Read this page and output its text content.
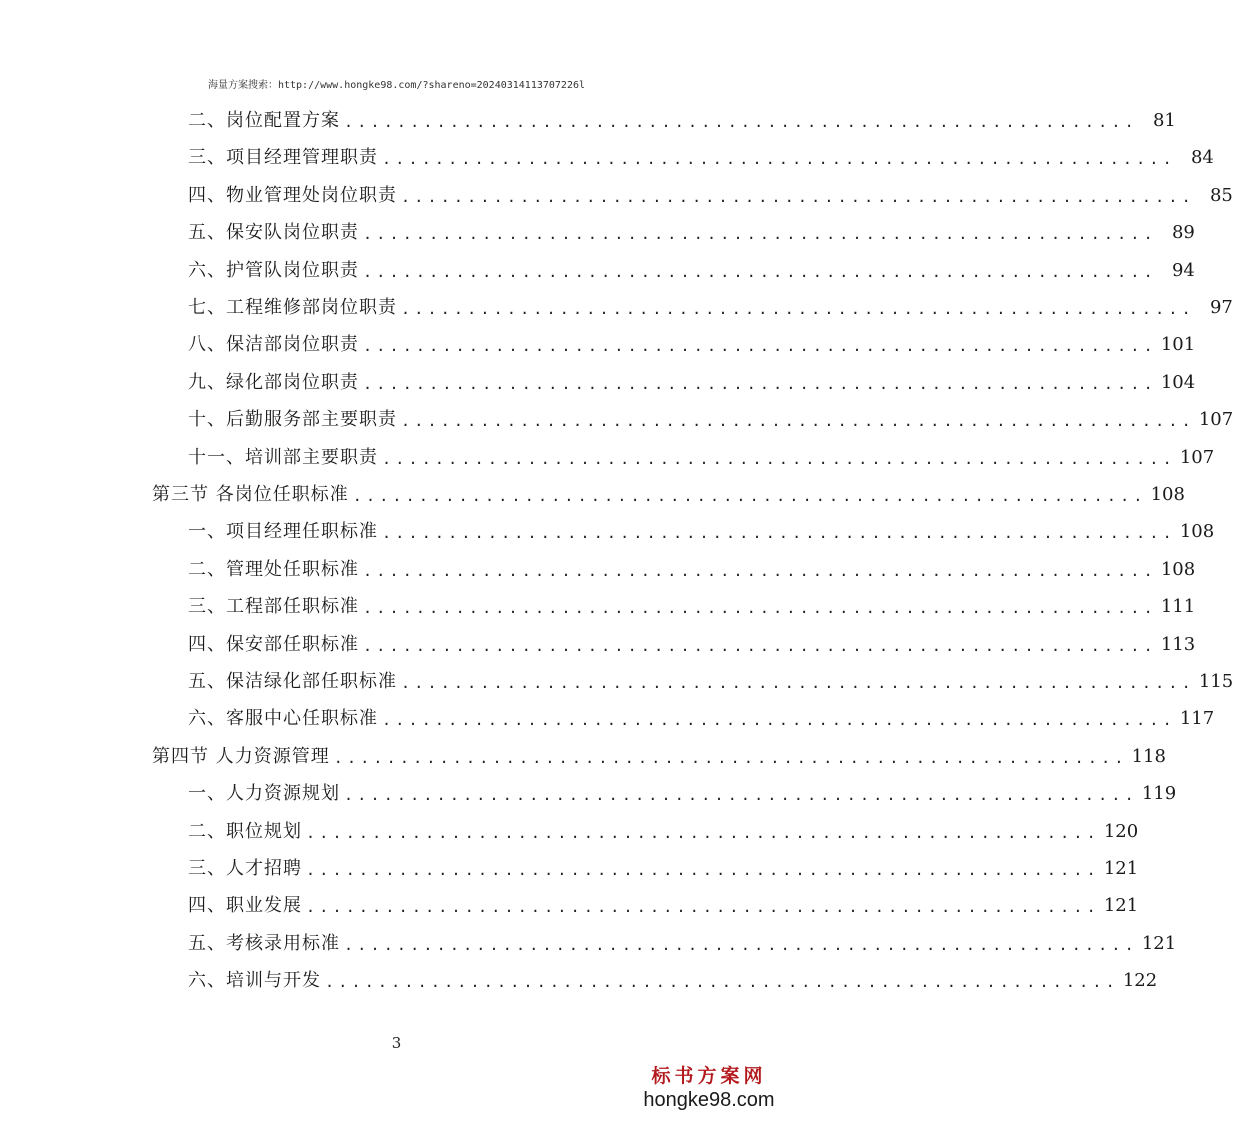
海量方案搜索：http://www.hongke98.com/?shareno=20240314113707226l
二、岗位配置方案 ............................................................ 81
三、项目经理管理职责 ............................................................ 84
四、物业管理处岗位职责 ............................................................ 85
五、保安队岗位职责 ............................................................ 89
六、护管队岗位职责 ............................................................ 94
七、工程维修部岗位职责 ............................................................ 97
八、保洁部岗位职责 ............................................................ 101
九、绿化部岗位职责 ............................................................ 104
十、后勤服务部主要职责 ............................................................ 107
十一、培训部主要职责 ............................................................ 107
第三节 各岗位任职标准 ............................................................ 108
一、项目经理任职标准 ............................................................ 108
二、管理处任职标准 ............................................................ 108
三、工程部任职标准 ............................................................ 111
四、保安部任职标准 ............................................................ 113
五、保洁绿化部任职标准 ............................................................ 115
六、客服中心任职标准 ............................................................ 117
第四节 人力资源管理 ............................................................ 118
一、人力资源规划 ............................................................ 119
二、职位规划 ............................................................ 120
三、人才招聘 ............................................................ 121
四、职业发展 ............................................................ 121
五、考核录用标准 ............................................................ 121
六、培训与开发 ............................................................ 122
3
标书方案网
hongke98.com
